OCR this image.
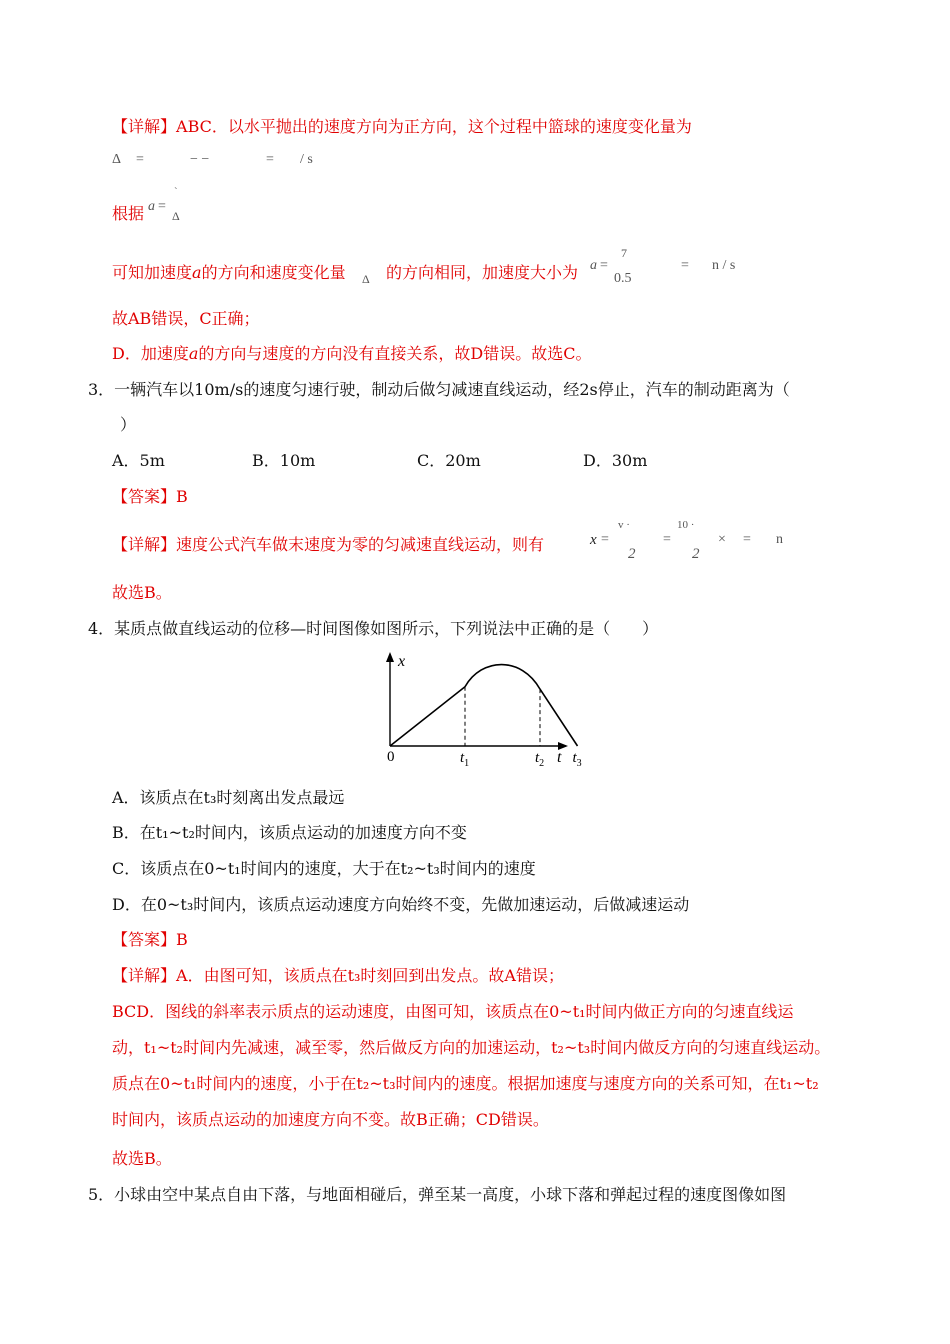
【详解】ABC．以水平抛出的速度方向为正方向，这个过程中篮球的速度变化量为
Δ =	− −	= / s
根据 a =
ˋ
Δ
可知加速度a的方向和速度变化量 Δ 的方向相同，加速度大小为 a =
7
0.5
= n / s
故AB错误，C正确；
D．加速度a的方向与速度的方向没有直接关系，故D错误。故选C。
3．一辆汽车以10m/s的速度匀速行驶，制动后做匀减速直线运动，经2s停止，汽车的制动距离为（
）
A．5m	B．10m	C．20m	D．30m
【答案】B
【详解】速度公式汽车做末速度为零的匀减速直线运动，则有	x =
v ·
2
=
10 ·
2
× = n
故选B。
4．某质点做直线运动的位移—时间图像如图所示，下列说法中正确的是（　　）
x
0	t
$t_1$	$t_2$ $t_3$
A．该质点在t₃时刻离出发点最远
B．在t₁~t₂时间内，该质点运动的加速度方向不变
C．该质点在0~t₁时间内的速度，大于在t₂~t₃时间内的速度
D．在0~t₃时间内，该质点运动速度方向始终不变，先做加速运动，后做减速运动
【答案】B
【详解】A．由图可知，该质点在t₃时刻回到出发点。故A错误；
BCD．图线的斜率表示质点的运动速度，由图可知，该质点在0~t₁时间内做正方向的匀速直线运
动，t₁~t₂时间内先减速，减至零，然后做反方向的加速运动，t₂~t₃时间内做反方向的匀速直线运动。
质点在0~t₁时间内的速度，小于在t₂~t₃时间内的速度。根据加速度与速度方向的关系可知，在t₁~t₂
时间内，该质点运动的加速度方向不变。故B正确；CD错误。
故选B。
5．小球由空中某点自由下落，与地面相碰后，弹至某一高度，小球下落和弹起过程的速度图像如图
